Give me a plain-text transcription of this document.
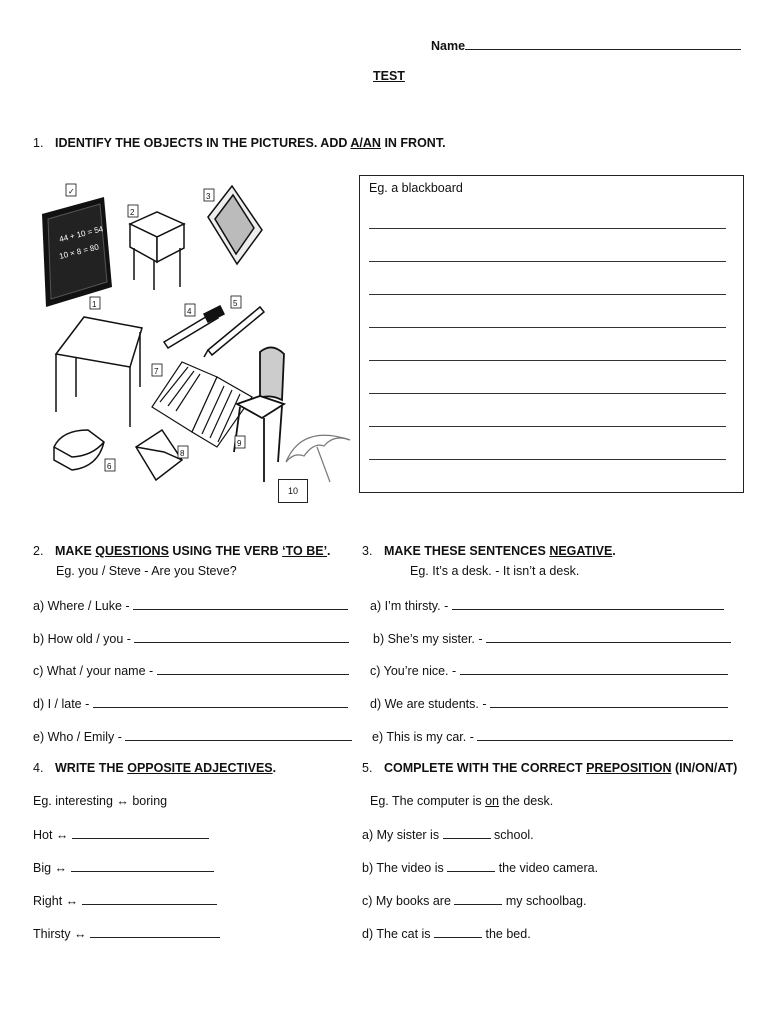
Name
TEST
1. IDENTIFY THE OBJECTS IN THE PICTURES. ADD A/AN IN FRONT.
44 + 10 = 54
10 × 8 = 80
✓
1
2
3
4
5
6
7
8
9
10
Eg. a blackboard
2. MAKE QUESTIONS USING THE VERB ‘TO BE’.
Eg. you / Steve - Are you Steve?
a) Where / Luke -
b) How old / you -
c) What / your name -
d) I / late -
e) Who / Emily -
3. MAKE THESE SENTENCES NEGATIVE.
Eg. It’s a desk. - It isn’t a desk.
a) I’m thirsty. -
b) She’s my sister. -
c) You’re nice. -
d) We are students. -
e) This is my car. -
4. WRITE THE OPPOSITE ADJECTIVES.
Eg. interesting ↔ boring
Hot ↔
Big ↔
Right ↔
Thirsty ↔
5. COMPLETE WITH THE CORRECT PREPOSITION (IN/ON/AT)
Eg. The computer is on the desk.
a) My sister is	school.
b) The video is	the video camera.
c) My books are	my schoolbag.
d) The cat is	the bed.
